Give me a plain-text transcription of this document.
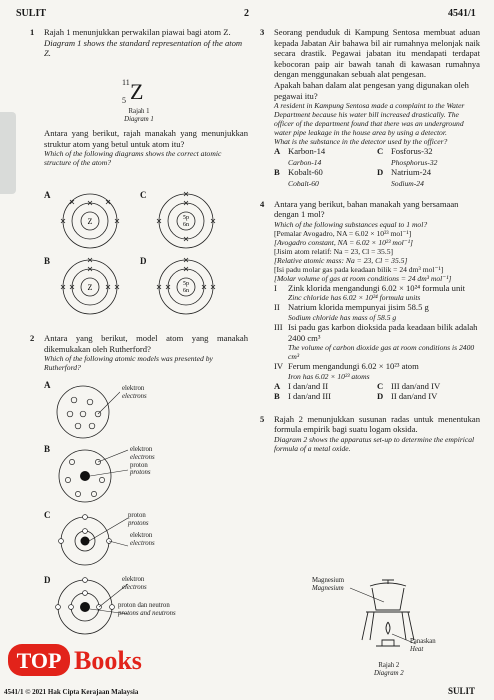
SULIT	2	4541/1
1 Rajah 1 menunjukkan perwakilan piawai bagi atom Z.

Diagram 1 shows the standard representation of the atom Z.

11
5 Z
Rajah 1
Diagram 1

Antara yang berikut, rajah manakah yang menunjukkan struktur atom yang betul untuk atom itu?

Which of the following diagrams shows the correct atomic structure of the atom?

A	C
B	D
Z	5p
6n
Z	5p
6n
2 Antara yang berikut, model atom yang manakah dikemukakan oleh Rutherford?

Which of the following atomic models was presented by Rutherford?

A
B
C
D
elektron
electrons
elektron
electrons
proton
protons
proton
protons
elektron
electrons
elektron
electrons
proton dan neutron
protons and neutrons
TOP Books
4541/1 © 2021 Hak Cipta Kerajaan Malaysia	SULIT
3 Seorang penduduk di Kampung Sentosa membuat aduan kepada Jabatan Air bahawa bil air rumahnya melonjak naik secara drastik. Pegawai jabatan itu mendapati terdapat kebocoran paip air bawah tanah di kawasan rumahnya dengan menggunakan sebuah alat pengesan.

Apakah bahan dalam alat pengesan yang digunakan oleh pegawai itu?

A resident in Kampung Sentosa made a complaint to the Water Department because his water bill increased drastically. The officer of the department found that there was an underground water pipe leakage in the house area by using a detector.

What is the substance in the detector used by the officer?

A Karbon-14
Carbon-14
C Fosforus-32
Phosphorus-32
B Kobalt-60
Cobalt-60
D Natrium-24
Sodium-24
4 Antara yang berikut, bahan manakah yang bersamaan dengan 1 mol?

Which of the following substances equal to 1 mol?

[Pemalar Avogadro, NA = 6.02 × 10²³ mol⁻¹]

[Avogadro constant, NA = 6.02 × 10²³ mol⁻¹]

[Jisim atom relatif: Na = 23, Cl = 35.5]

[Relative atomic mass: Na = 23, Cl = 35.5]

[Isi padu molar gas pada keadaan bilik = 24 dm³ mol⁻¹]

[Molar volume of gas at room conditions = 24 dm³ mol⁻¹]

I	Zink klorida mengandungi 6.02 × 10²⁴ formula unit

Zinc chloride has 6.02 × 10²⁴ formula units

II Natrium klorida mempunyai jisim 58.5 g

Sodium chloride has mass of 58.5 g

III Isi padu gas karbon dioksida pada keadaan bilik adalah 2400 cm³

The volume of carbon dioxide gas at room conditions is 2400 cm³

IV Ferum mengandungi 6.02 × 10²³ atom

Iron has 6.02 × 10²³ atoms

A I dan/and II	C III dan/and IV
B I dan/and III	D II dan/and IV
5 Rajah 2 menunjukkan susunan radas untuk menentukan formula empirik bagi suatu logam oksida.

Diagram 2 shows the apparatus set-up to determine the empirical formula of a metal oxide.

Magnesium
Magnesium
Panaskan
Heat
Rajah 2
Diagram 2
